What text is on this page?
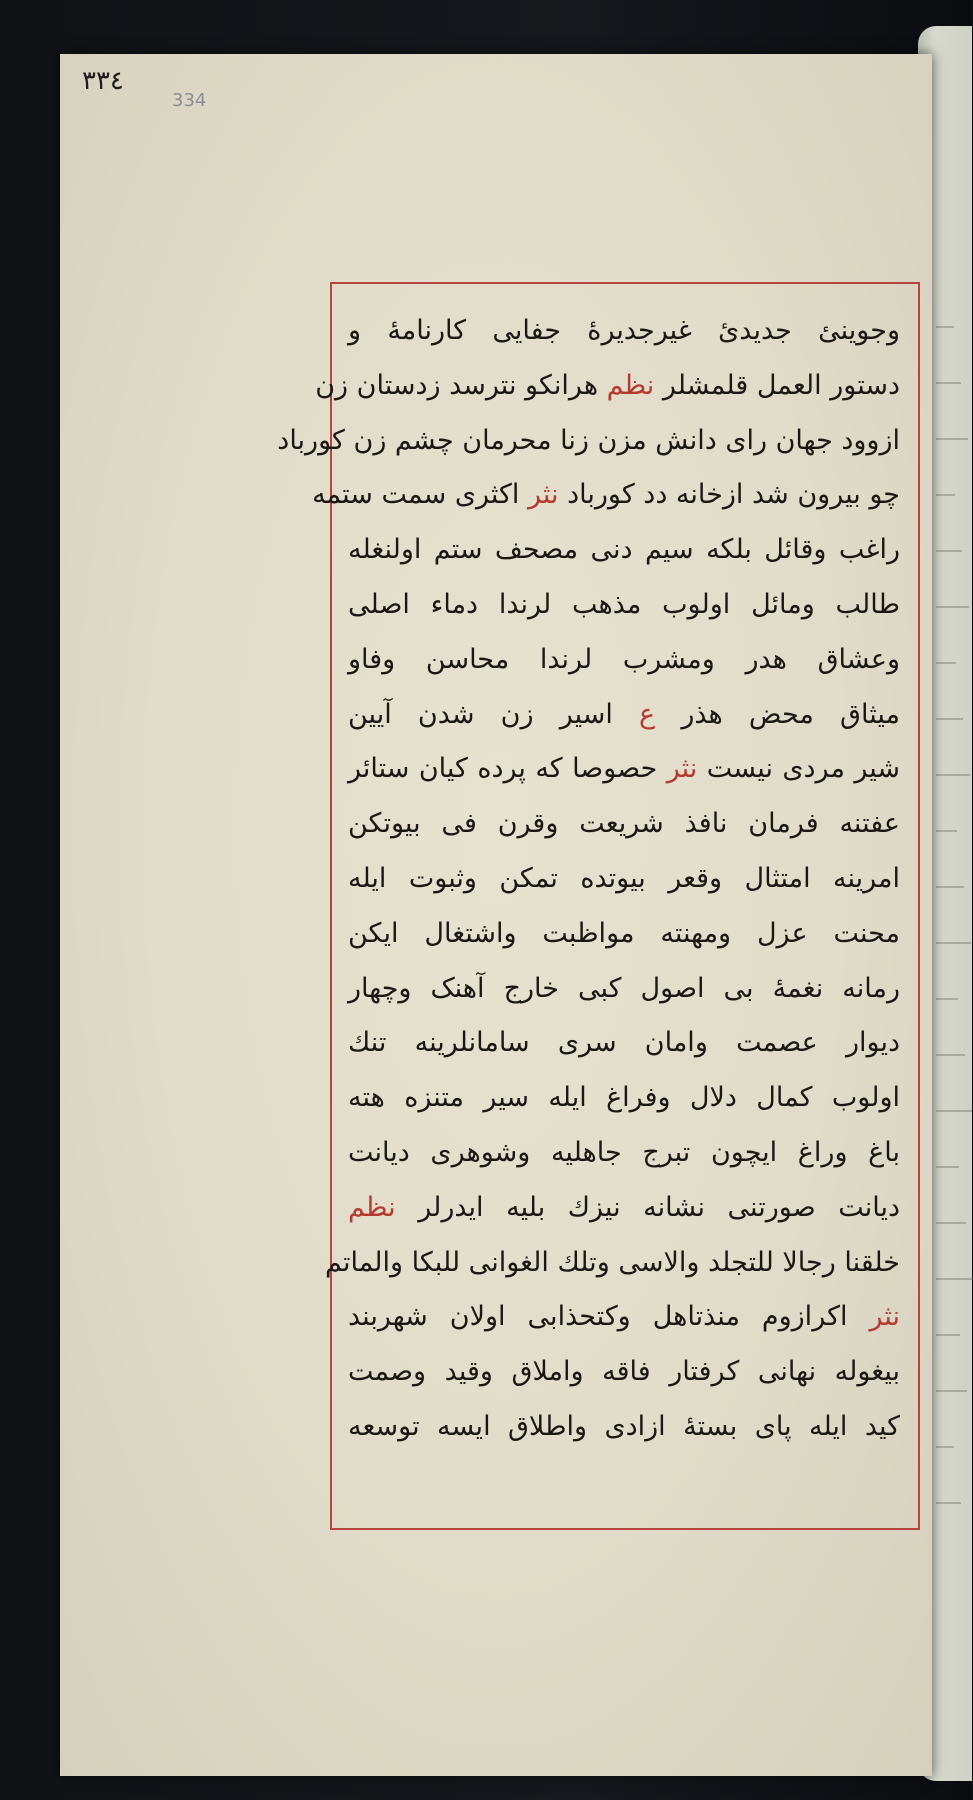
٣٣٤
334
وجوینئ جدیدئ غیرجدیرۀ جفایی کارنامۀ و
دستور العمل قلمشلر نظم هرانکو نترسد زدستان زن
ازوود جهان رای دانش مزن زنا محرمان چشم زن کورباد
چو بیرون شد ازخانه دد کورباد نثر اکثری سمت ستمه
راغب وقائل بلکه سیم دنی مصحف ستم اولنغله
طالب ومائل اولوب مذهب لرندا دماء اصلی
وعشاق هدر ومشرب لرندا محاسن وفاو
میثاق محض هذر ع اسیر زن شدن آیین
شیر مردی نیست نثر حصوصا که پرده کیان ستائر
عفتنه فرمان نافذ شریعت وقرن فی بیوتکن
امرینه امتثال وقعر بیوتده تمکن وثبوت ایله
محنت عزل ومهنته مواظبت واشتغال ایکن
رمانه نغمۀ بی اصول کبی خارج آهنک وچهار
دیوار عصمت وامان سری سامانلرینه تنك
اولوب کمال دلال وفراغ ایله سیر متنزه هته
باغ وراغ ایچون تبرج جاهلیه وشوهری دیانت
دیانت صورتنی نشانه نیزك بلیه ایدرلر نظم
خلقنا رجالا للتجلد والاسی وتلك الغوانی للبکا والماتم
نثر اکرازوم منذتاهل وکتحذابی اولان شهربند
بیغوله نهانی کرفتار فاقه واملاق وقید وصمت
کید ایله پای بستۀ ازادی واطلاق ایسه توسعه
